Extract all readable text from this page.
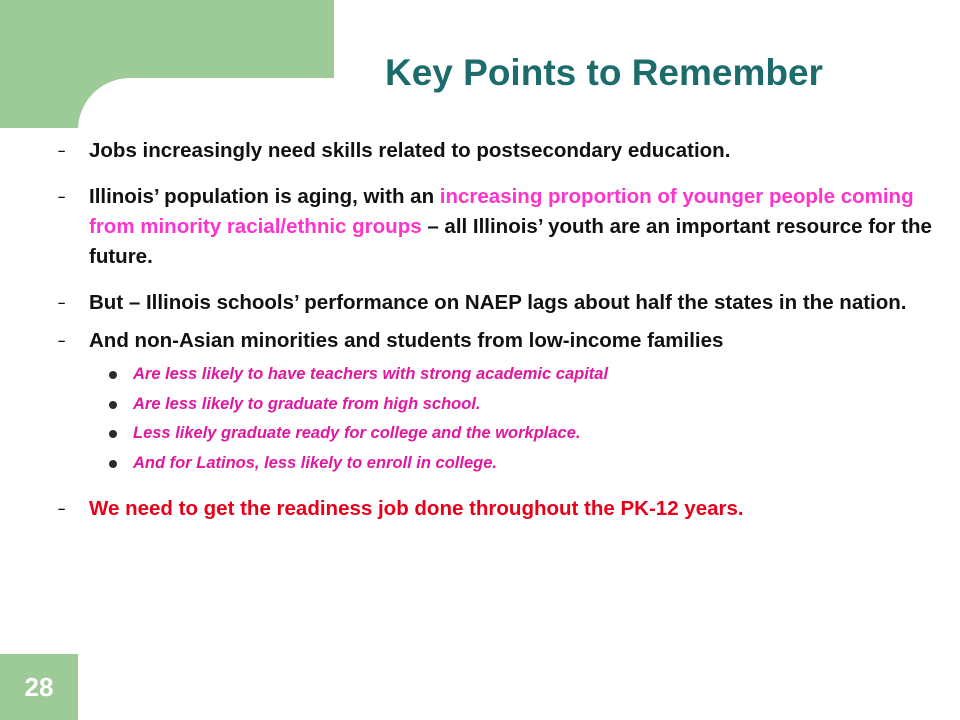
28
Key Points to Remember

– Jobs increasingly need skills related to postsecondary education.

– Illinois’ population is aging, with an increasing proportion of younger people coming from minority racial/ethnic groups – all Illinois’ youth are an important resource for the future.

– But – Illinois schools’ performance on NAEP lags about half the states in the nation.

– And non-Asian minorities and students from low-income families
Are less likely to have teachers with strong academic capital
Are less likely to graduate from high school.
Less likely graduate ready for college and the workplace.
And for Latinos, less likely to enroll in college.

– We need to get the readiness job done throughout the PK-12 years.
